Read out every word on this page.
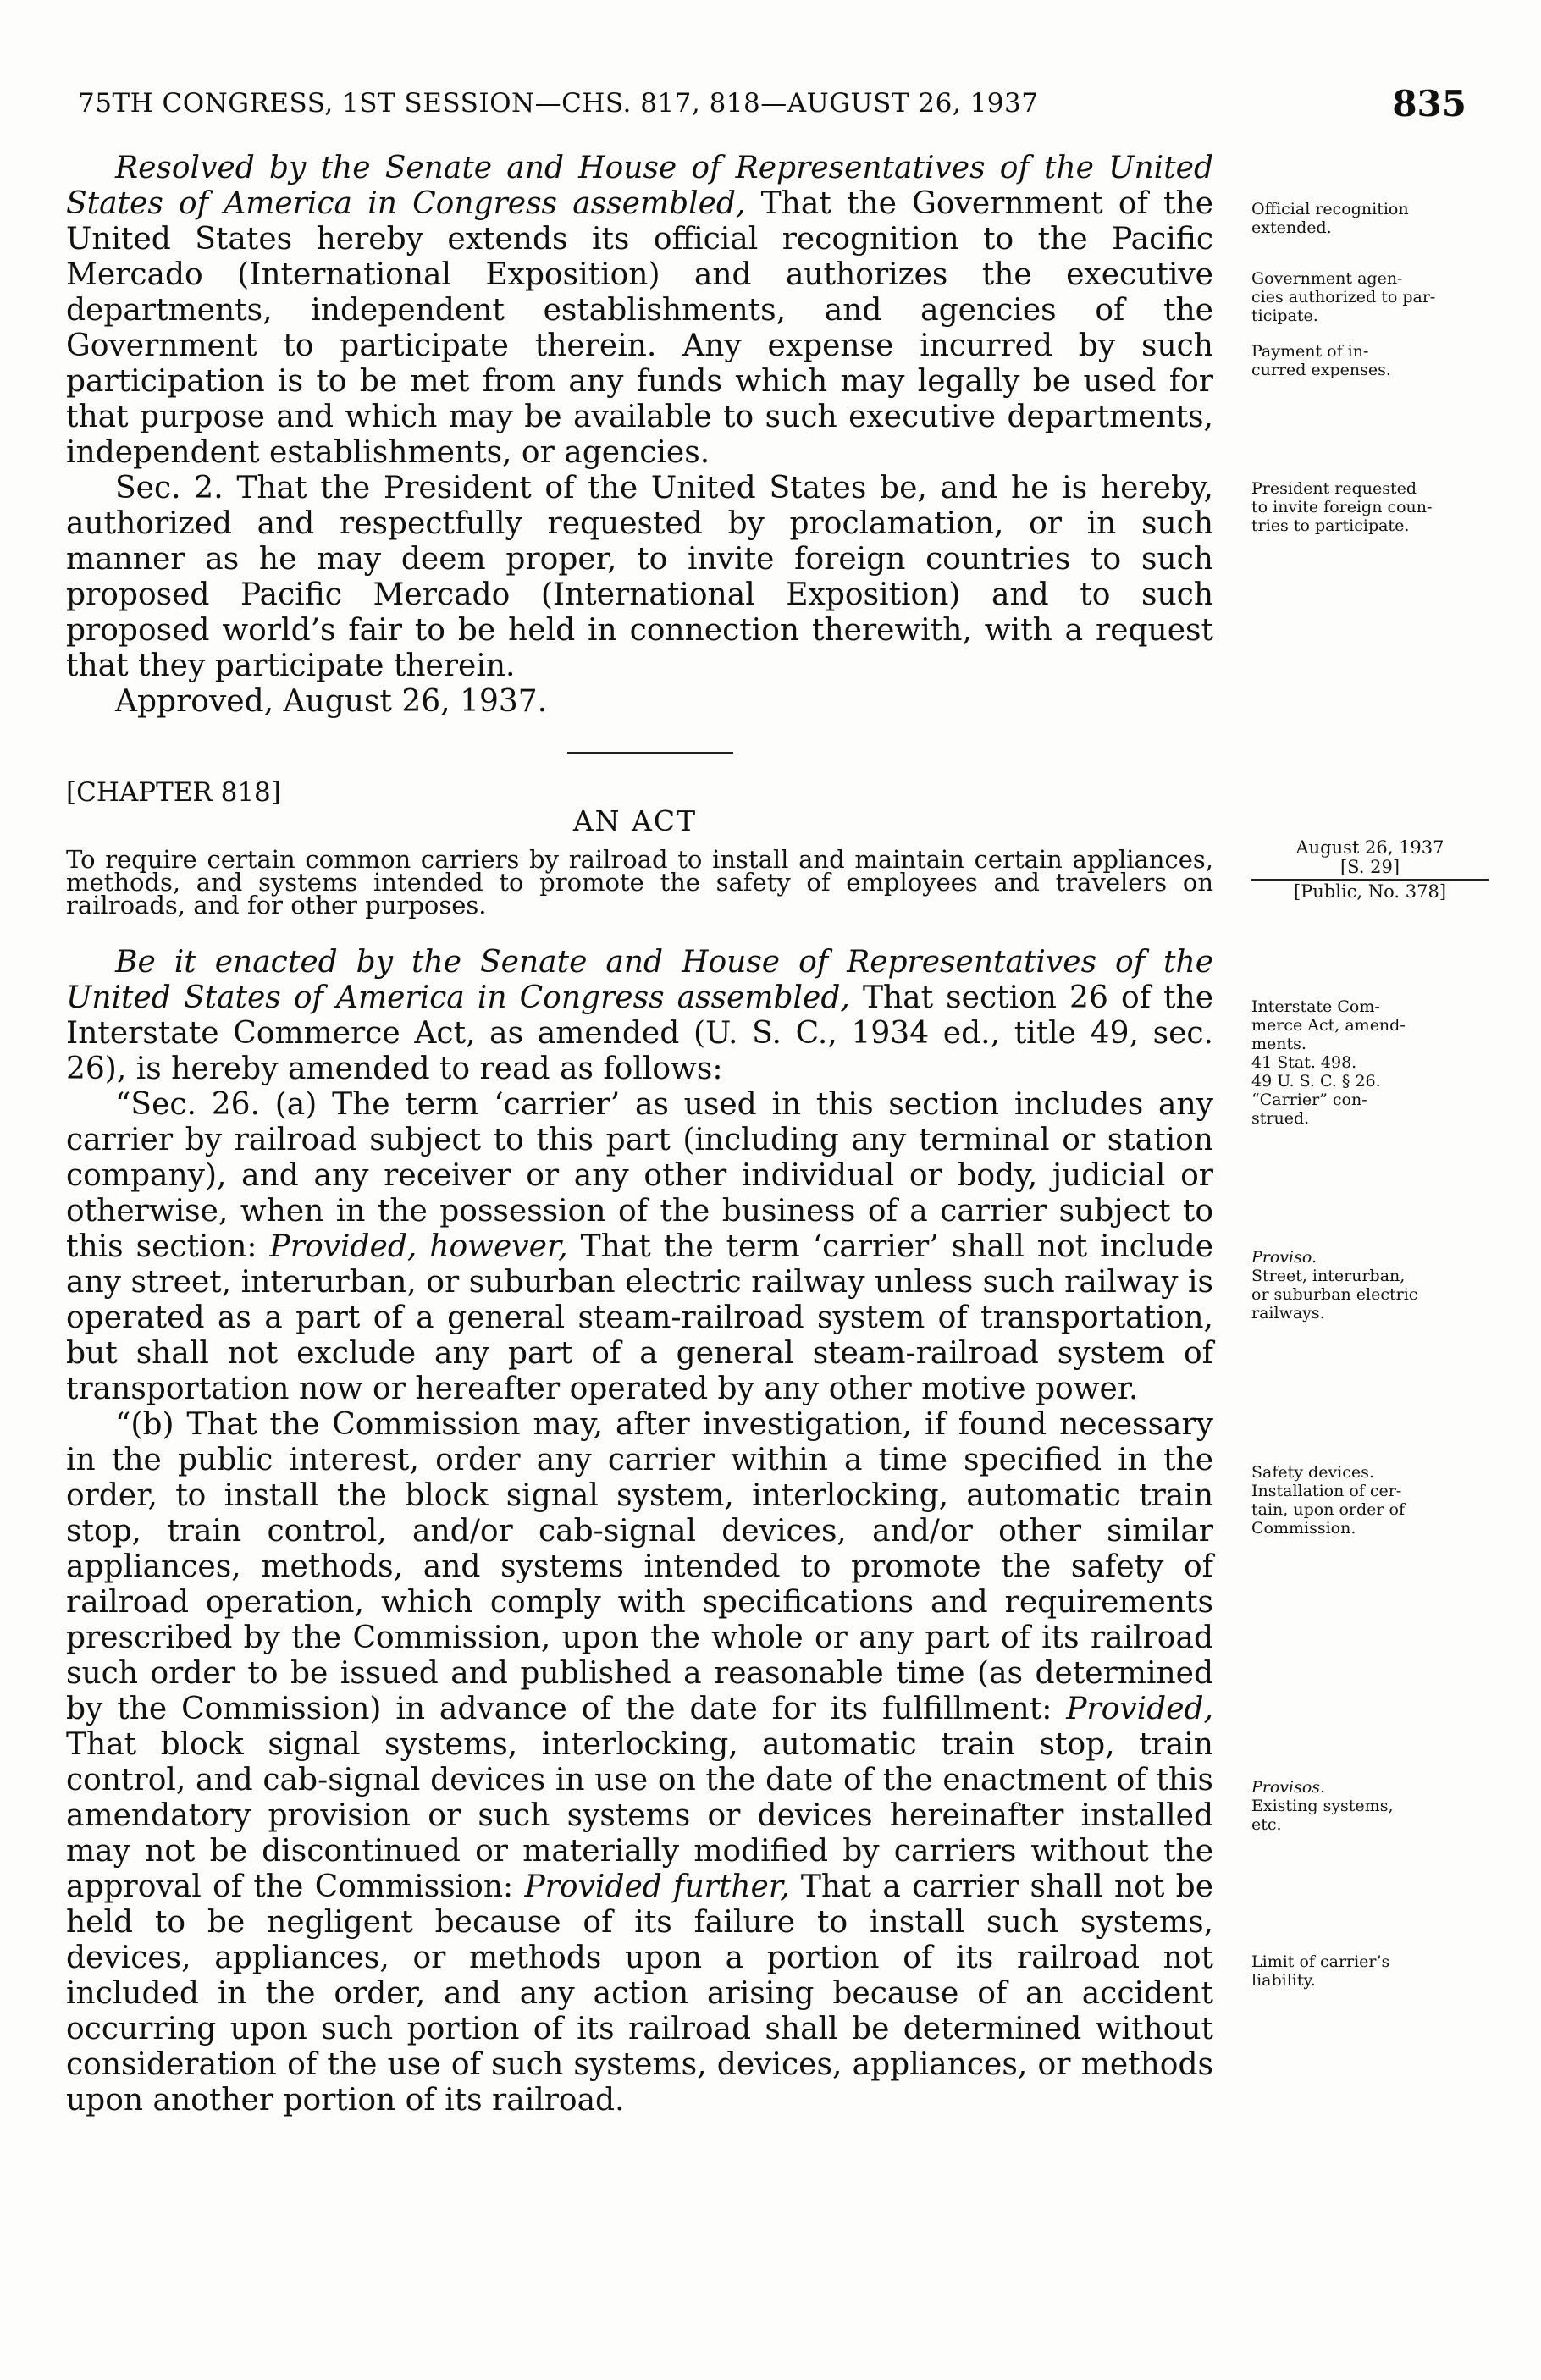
75TH CONGRESS, 1ST SESSION—CHS. 817, 818—AUGUST 26, 1937	835

Resolved by the Senate and House of Representatives of the United States of America in Congress assembled, That the Government of the United States hereby extends its official recognition to the Pacific Mercado (International Exposition) and authorizes the executive departments, independent establishments, and agencies of the Government to participate therein. Any expense incurred by such participation is to be met from any funds which may legally be used for that purpose and which may be available to such executive departments, independent establishments, or agencies.

Sec. 2. That the President of the United States be, and he is hereby, authorized and respectfully requested by proclamation, or in such manner as he may deem proper, to invite foreign countries to such proposed Pacific Mercado (International Exposition) and to such proposed world’s fair to be held in connection therewith, with a request that they participate therein.

Approved, August 26, 1937.

Official recognition
extended.
Government agen-
cies authorized to par-
ticipate.
Payment of in-
curred expenses.
President requested
to invite foreign coun-
tries to participate.
[CHAPTER 818]
AN ACT
To require certain common carriers by railroad to install and maintain certain appliances, methods, and systems intended to promote the safety of employees and travelers on railroads, and for other purposes.
August 26, 1937
[S. 29]
[Public, No. 378]

Be it enacted by the Senate and House of Representatives of the United States of America in Congress assembled, That section 26 of the Interstate Commerce Act, as amended (U. S. C., 1934 ed., title 49, sec. 26), is hereby amended to read as follows:

“Sec. 26. (a) The term ‘carrier’ as used in this section includes any carrier by railroad subject to this part (including any terminal or station company), and any receiver or any other individual or body, judicial or otherwise, when in the possession of the business of a carrier subject to this section: Provided, however, That the term ‘carrier’ shall not include any street, interurban, or suburban electric railway unless such railway is operated as a part of a general steam-railroad system of transportation, but shall not exclude any part of a general steam-railroad system of transportation now or hereafter operated by any other motive power.

“(b) That the Commission may, after investigation, if found necessary in the public interest, order any carrier within a time specified in the order, to install the block signal system, interlocking, automatic train stop, train control, and/or cab-signal devices, and/or other similar appliances, methods, and systems intended to promote the safety of railroad operation, which comply with specifications and requirements prescribed by the Commission, upon the whole or any part of its railroad such order to be issued and published a reasonable time (as determined by the Commission) in advance of the date for its fulfillment: Provided, That block signal systems, interlocking, automatic train stop, train control, and cab-signal devices in use on the date of the enactment of this amendatory provision or such systems or devices hereinafter installed may not be discontinued or materially modified by carriers without the approval of the Commission: Provided further, That a carrier shall not be held to be negligent because of its failure to install such systems, devices, appliances, or methods upon a portion of its railroad not included in the order, and any action arising because of an accident occurring upon such portion of its railroad shall be determined without consideration of the use of such systems, devices, appliances, or methods upon another portion of its railroad.

Interstate Com-
merce Act, amend-
ments.
41 Stat. 498.
49 U. S. C. § 26.
“Carrier” con-
strued.
Proviso.
Street, interurban,
or suburban electric
railways.
Safety devices.
Installation of cer-
tain, upon order of
Commission.
Provisos.
Existing systems,
etc.
Limit of carrier’s
liability.
